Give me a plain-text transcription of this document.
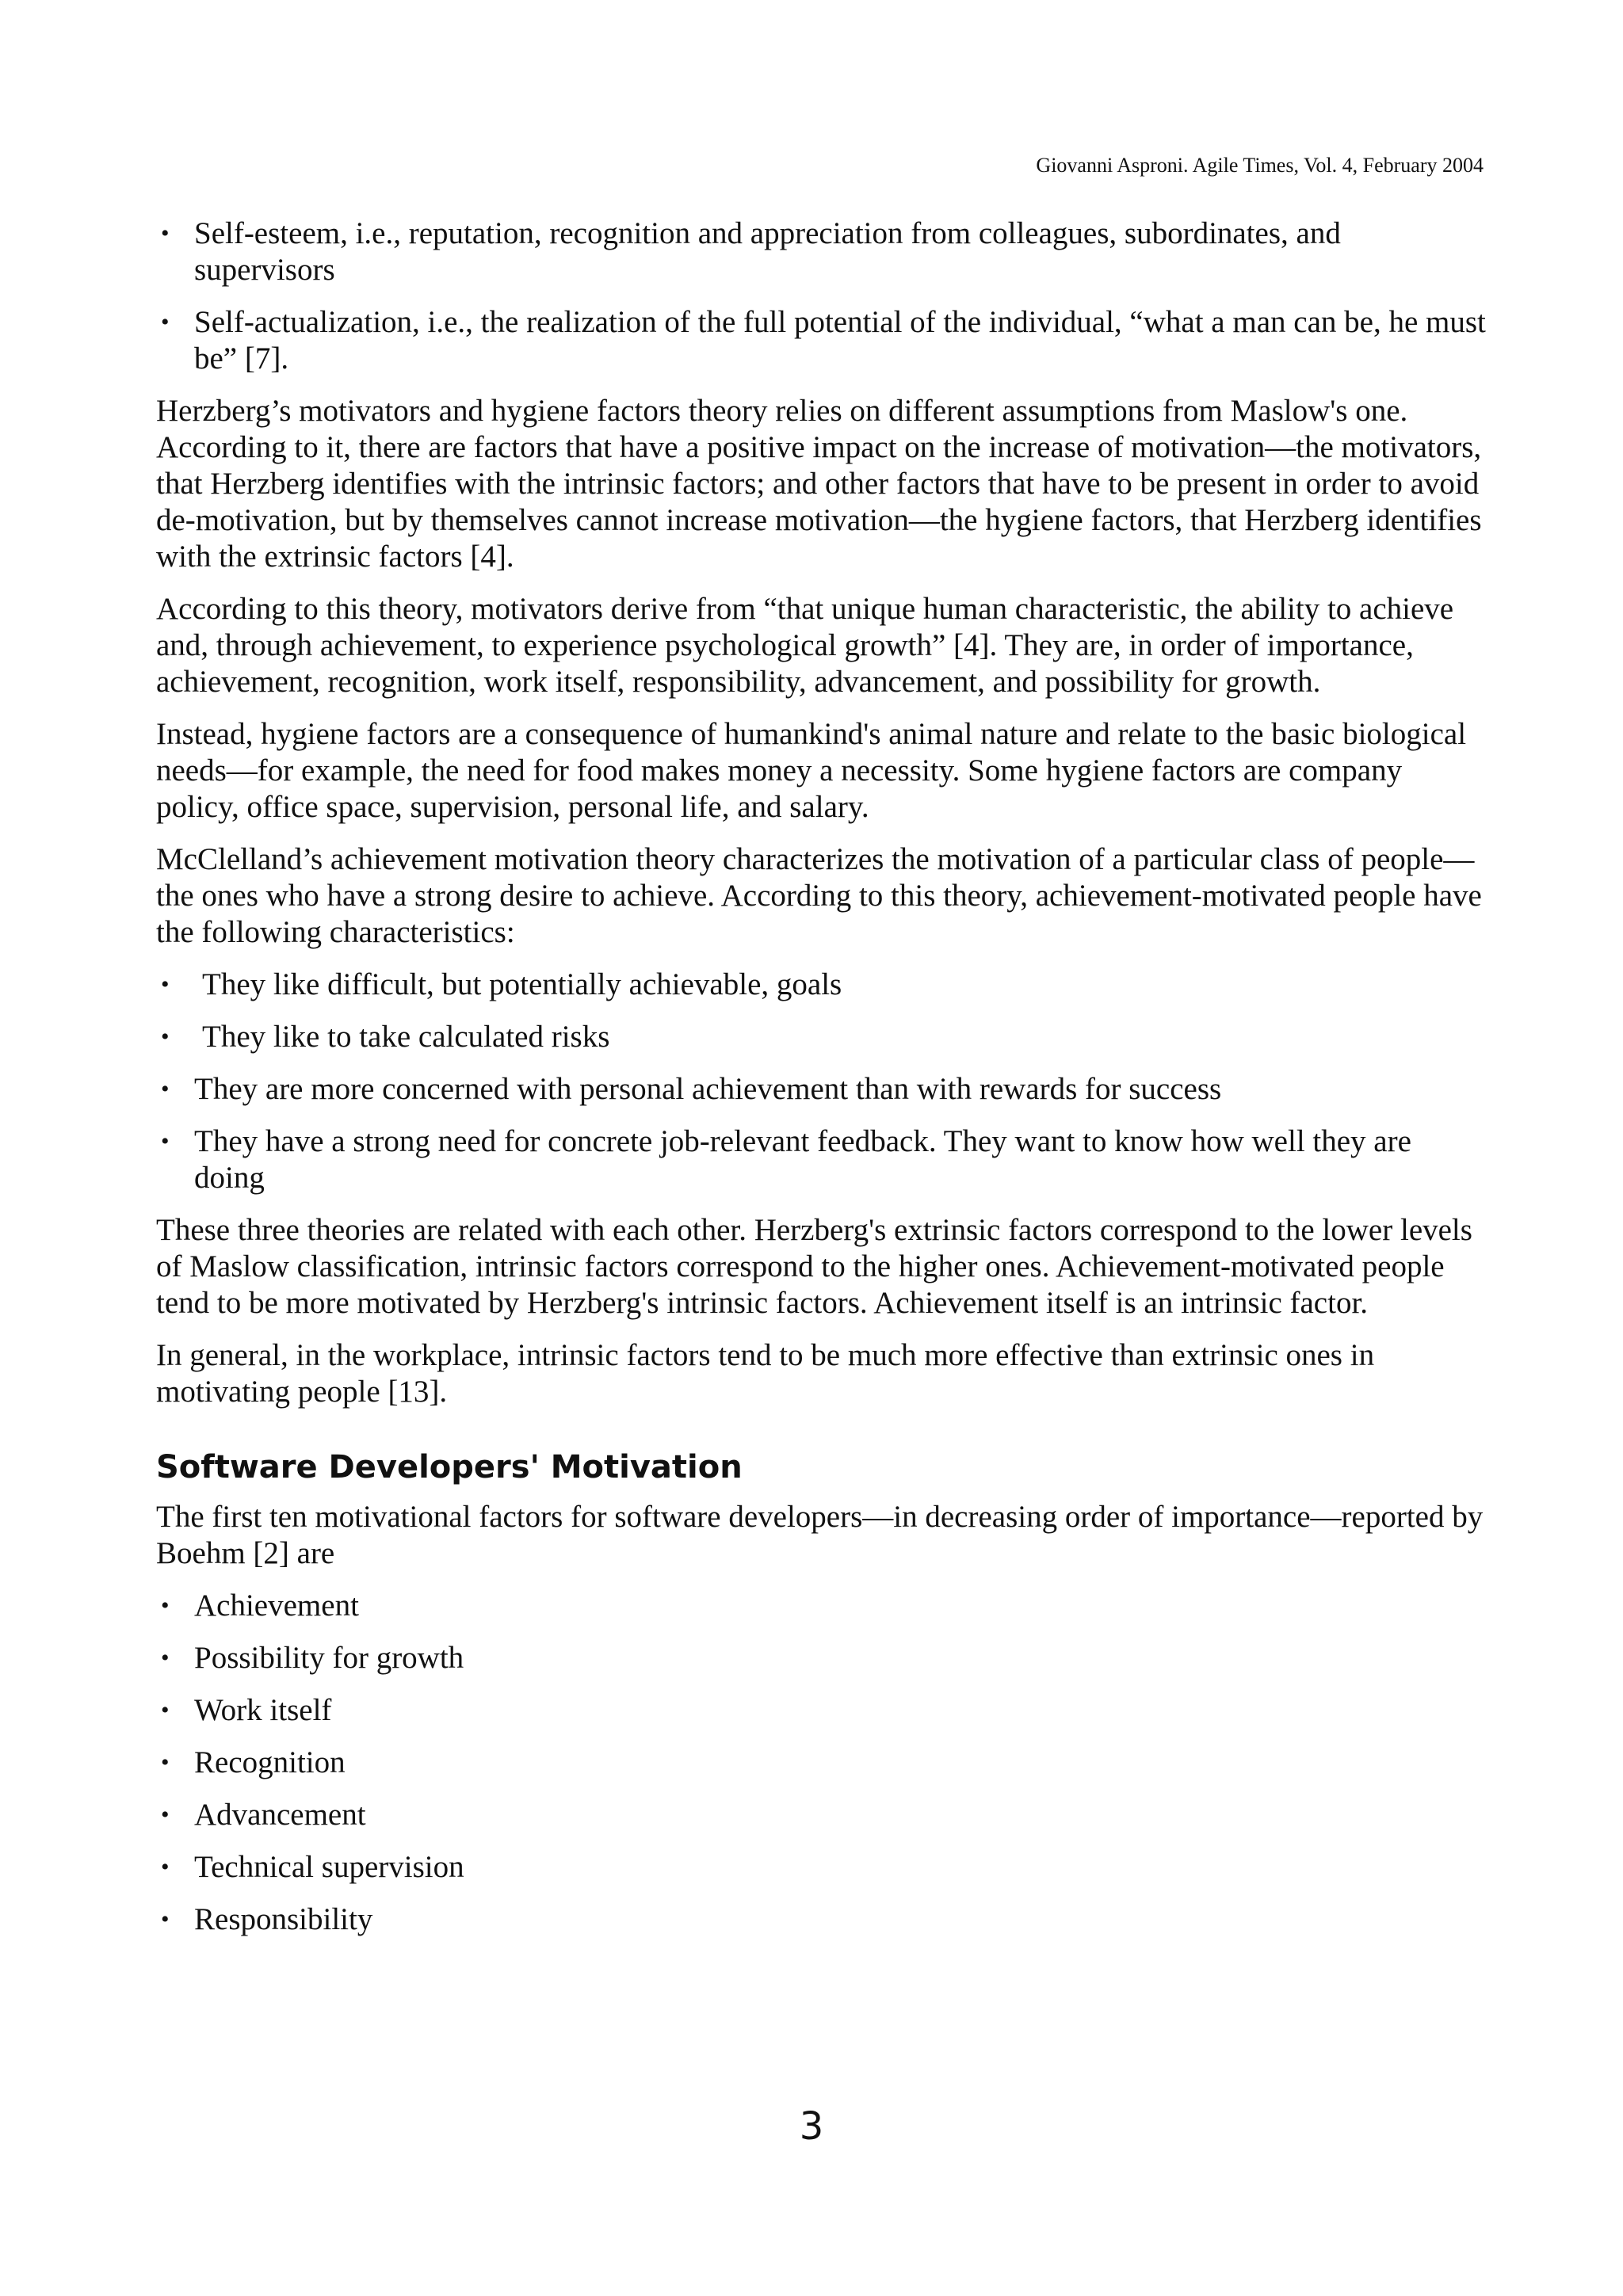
Giovanni Asproni. Agile Times, Vol. 4, February 2004
• Self-esteem, i.e., reputation, recognition and appreciation from colleagues, subordinates, and supervisors
• Self-actualization, i.e., the realization of the full potential of the individual, “what a man can be, he must be” [7].

Herzberg’s motivators and hygiene factors theory relies on different assumptions from Maslow's one. According to it, there are factors that have a positive impact on the increase of motivation—the motivators, that Herzberg identifies with the intrinsic factors; and other factors that have to be present in order to avoid de-motivation, but by themselves cannot increase motivation—the hygiene factors, that Herzberg identifies with the extrinsic factors [4].

According to this theory, motivators derive from “that unique human characteristic, the ability to achieve and, through achievement, to experience psychological growth” [4]. They are, in order of importance, achievement, recognition, work itself, responsibility, advancement, and possibility for growth.

Instead, hygiene factors are a consequence of humankind's animal nature and relate to the basic biological needs—for example, the need for food makes money a necessity. Some hygiene factors are company policy, office space, supervision, personal life, and salary.

McClelland’s achievement motivation theory characterizes the motivation of a particular class of people—the ones who have a strong desire to achieve. According to this theory, achievement-motivated people have the following characteristics:

• They like difficult, but potentially achievable, goals
• They like to take calculated risks
• They are more concerned with personal achievement than with rewards for success
• They have a strong need for concrete job-relevant feedback. They want to know how well they are doing

These three theories are related with each other. Herzberg's extrinsic factors correspond to the lower levels of Maslow classification, intrinsic factors correspond to the higher ones. Achievement-motivated people tend to be more motivated by Herzberg's intrinsic factors. Achievement itself is an intrinsic factor.

In general, in the workplace, intrinsic factors tend to be much more effective than extrinsic ones in motivating people [13].

Software Developers' Motivation

The first ten motivational factors for software developers—in decreasing order of importance—reported by Boehm [2] are

• Achievement
• Possibility for growth
• Work itself
• Recognition
• Advancement
• Technical supervision
• Responsibility
3
